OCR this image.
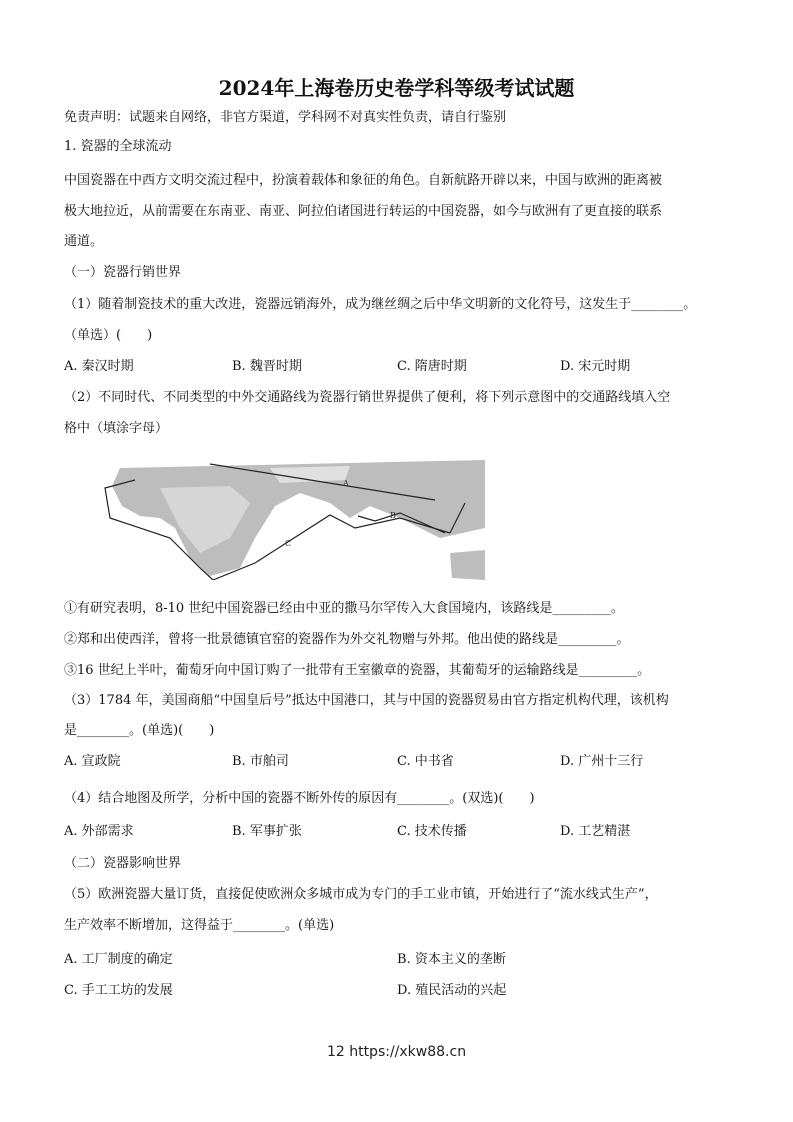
2024年上海卷历史卷学科等级考试试题
免责声明：试题来自网络，非官方渠道，学科网不对真实性负责，请自行鉴别
1. 瓷器的全球流动
中国瓷器在中西方文明交流过程中，扮演着载体和象征的角色。自新航路开辟以来，中国与欧洲的距离被
极大地拉近，从前需要在东南亚、南亚、阿拉伯诸国进行转运的中国瓷器，如今与欧洲有了更直接的联系
通道。
（一）瓷器行销世界
（1）随着制瓷技术的重大改进，瓷器远销海外，成为继丝绸之后中华文明新的文化符号，这发生于________。
（单选）(　　)
A. 秦汉时期	B. 魏晋时期	C. 隋唐时期	D. 宋元时期
（2）不同时代、不同类型的中外交通路线为瓷器行销世界提供了便利，将下列示意图中的交通路线填入空
格中（填涂字母）
A
B
C
①有研究表明，8-10 世纪中国瓷器已经由中亚的撒马尔罕传入大食国境内，该路线是_________。
②郑和出使西洋，曾将一批景德镇官窑的瓷器作为外交礼物赠与外邦。他出使的路线是_________。
③16 世纪上半叶，葡萄牙向中国订购了一批带有王室徽章的瓷器，其葡萄牙的运输路线是_________。
（3）1784 年，美国商船“中国皇后号”抵达中国港口，其与中国的瓷器贸易由官方指定机构代理，该机构
是________。(单选)(　　)
A. 宣政院	B. 市舶司	C. 中书省	D. 广州十三行
（4）结合地图及所学，分析中国的瓷器不断外传的原因有________。(双选)(　　)
A. 外部需求	B. 军事扩张	C. 技术传播	D. 工艺精湛
（二）瓷器影响世界
（5）欧洲瓷器大量订货，直接促使欧洲众多城市成为专门的手工业市镇，开始进行了“流水线式生产”，
生产效率不断增加，这得益于________。(单选)
A. 工厂制度的确定	B. 资本主义的垄断
C. 手工工坊的发展	D. 殖民活动的兴起
12 https://xkw88.cn
